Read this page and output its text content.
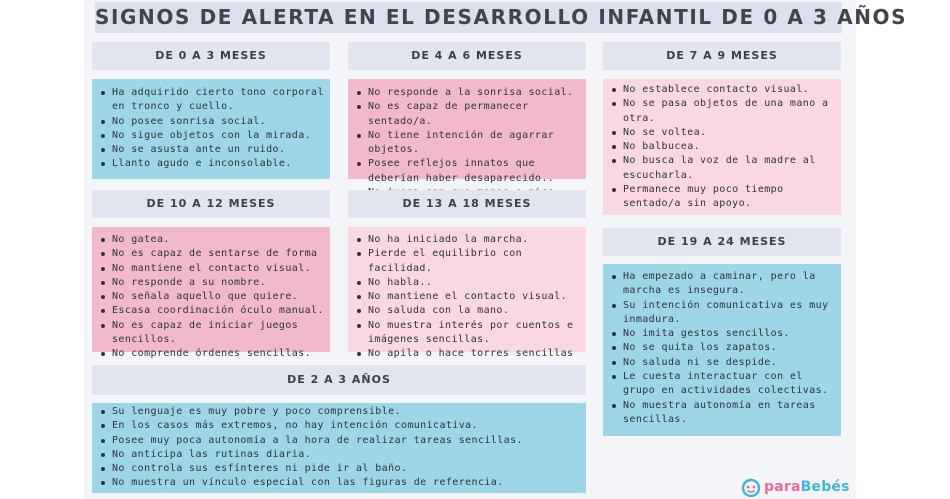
SIGNOS DE ALERTA EN EL DESARROLLO INFANTIL DE 0 A 3 AÑOS
DE 0 A 3 MESES
Ha adquirido cierto tono corporal en tronco y cuello.
No posee sonrisa social.
No sigue objetos con la mirada.
No se asusta ante un ruido.
Llanto agudo e inconsolable.
DE 4 A 6 MESES
No responde a la sonrisa social.
No es capaz de permanecer sentado/a.
No tiene intención de agarrar objetos.
Posee reflejos innatos que deberían haber desaparecido..
DE 7 A 9 MESES
No establece contacto visual.
No se pasa objetos de una mano a otra.
No se voltea.
No balbucea.
No busca la voz de la madre al escucharla.
Permanece muy poco tiempo sentado/a sin apoyo.
DE 10 A 12 MESES
No gatea.
No es capaz de sentarse de forma
No mantiene el contacto visual.
No responde a su nombre.
No señala aquello que quiere.
Escasa coordinación óculo manual.
No es capaz de iniciar juegos sencillos.
No comprende órdenes sencillas.
DE 13 A 18 MESES
No ha iniciado la marcha.
Pierde el equilibrio con facilidad.
No habla..
No mantiene el contacto visual.
No saluda con la mano.
No muestra interés por cuentos e imágenes sencillas.
No apila o hace torres sencillas
DE 19 A 24 MESES
Ha empezado a caminar, pero la marcha es insegura.
Su intención comunicativa es muy inmadura.
No imita gestos sencillos.
No se quita los zapatos.
No saluda ni se despide.
Le cuesta interactuar con el grupo en actividades colectivas.
No muestra autonomía en tareas sencillas.
DE 2 A 3 AÑOS
Su lenguaje es muy pobre y poco comprensible.
En los casos más extremos, no hay intención comunicativa.
Posee muy poca autonomía a la hora de realizar tareas sencillas.
No anticipa las rutinas diaria.
No controla sus esfínteres ni pide ir al baño.
No muestra un vínculo especial con las figuras de referencia.	paraBebés
